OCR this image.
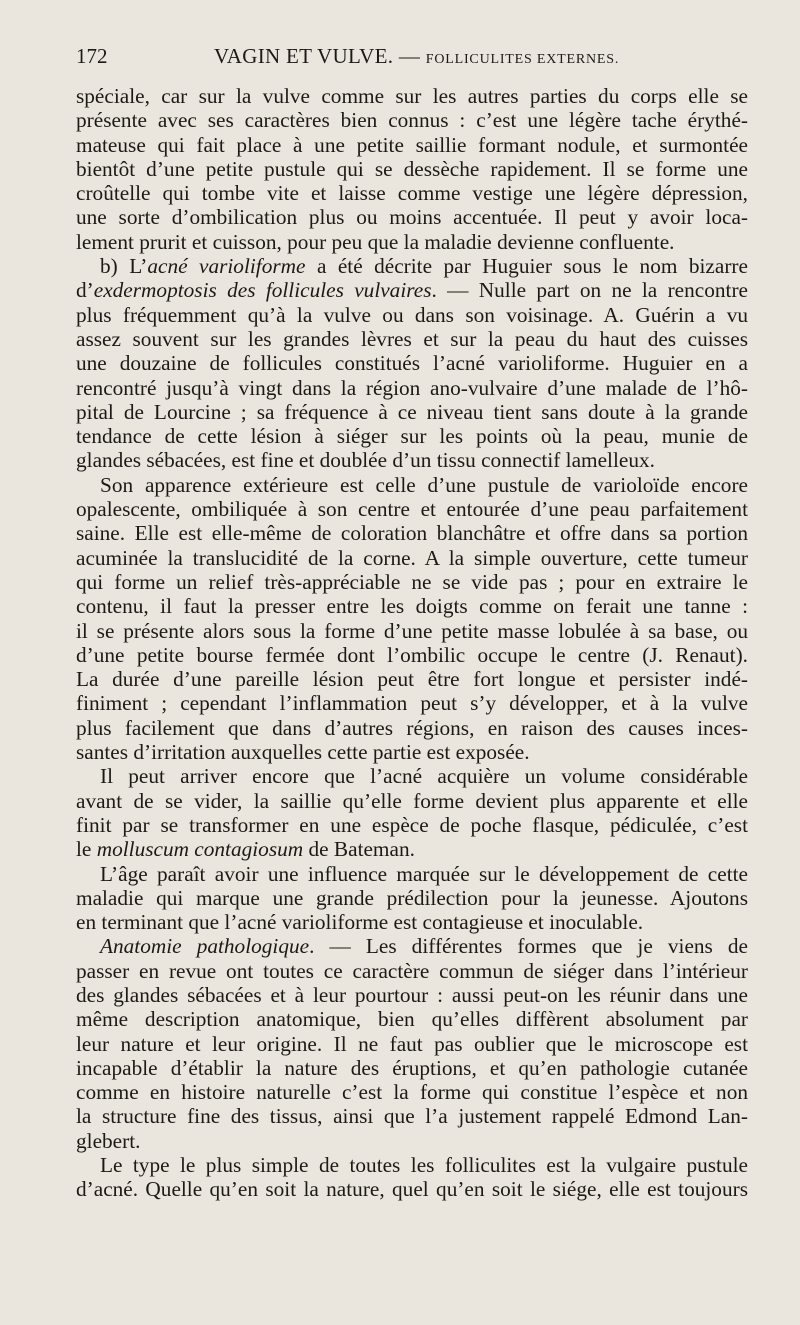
172	VAGIN ET VULVE. — FOLLICULITES EXTERNES.
spéciale, car sur la vulve comme sur les autres parties du corps elle se
présente avec ses caractères bien connus : c’est une légère tache érythé-
mateuse qui fait place à une petite saillie formant nodule, et surmontée
bientôt d’une petite pustule qui se dessèche rapidement. Il se forme une
croûtelle qui tombe vite et laisse comme vestige une légère dépression,
une sorte d’ombilication plus ou moins accentuée. Il peut y avoir loca-
lement prurit et cuisson, pour peu que la maladie devienne confluente.
b) L’acné varioliforme a été décrite par Huguier sous le nom bizarre
d’exdermoptosis des follicules vulvaires. — Nulle part on ne la rencontre
plus fréquemment qu’à la vulve ou dans son voisinage. A. Guérin a vu
assez souvent sur les grandes lèvres et sur la peau du haut des cuisses
une douzaine de follicules constitués l’acné varioliforme. Huguier en a
rencontré jusqu’à vingt dans la région ano-vulvaire d’une malade de l’hô-
pital de Lourcine ; sa fréquence à ce niveau tient sans doute à la grande
tendance de cette lésion à siéger sur les points où la peau, munie de
glandes sébacées, est fine et doublée d’un tissu connectif lamelleux.
Son apparence extérieure est celle d’une pustule de varioloïde encore
opalescente, ombiliquée à son centre et entourée d’une peau parfaitement
saine. Elle est elle-même de coloration blanchâtre et offre dans sa portion
acuminée la translucidité de la corne. A la simple ouverture, cette tumeur
qui forme un relief très-appréciable ne se vide pas ; pour en extraire le
contenu, il faut la presser entre les doigts comme on ferait une tanne :
il se présente alors sous la forme d’une petite masse lobulée à sa base, ou
d’une petite bourse fermée dont l’ombilic occupe le centre (J. Renaut).
La durée d’une pareille lésion peut être fort longue et persister indé-
finiment ; cependant l’inflammation peut s’y développer, et à la vulve
plus facilement que dans d’autres régions, en raison des causes inces-
santes d’irritation auxquelles cette partie est exposée.
Il peut arriver encore que l’acné acquière un volume considérable
avant de se vider, la saillie qu’elle forme devient plus apparente et elle
finit par se transformer en une espèce de poche flasque, pédiculée, c’est
le molluscum contagiosum de Bateman.
L’âge paraît avoir une influence marquée sur le développement de cette
maladie qui marque une grande prédilection pour la jeunesse. Ajoutons
en terminant que l’acné varioliforme est contagieuse et inoculable.
Anatomie pathologique. — Les différentes formes que je viens de
passer en revue ont toutes ce caractère commun de siéger dans l’intérieur
des glandes sébacées et à leur pourtour : aussi peut-on les réunir dans une
même description anatomique, bien qu’elles diffèrent absolument par
leur nature et leur origine. Il ne faut pas oublier que le microscope est
incapable d’établir la nature des éruptions, et qu’en pathologie cutanée
comme en histoire naturelle c’est la forme qui constitue l’espèce et non
la structure fine des tissus, ainsi que l’a justement rappelé Edmond Lan-
glebert.
Le type le plus simple de toutes les folliculites est la vulgaire pustule
d’acné. Quelle qu’en soit la nature, quel qu’en soit le siége, elle est toujours
